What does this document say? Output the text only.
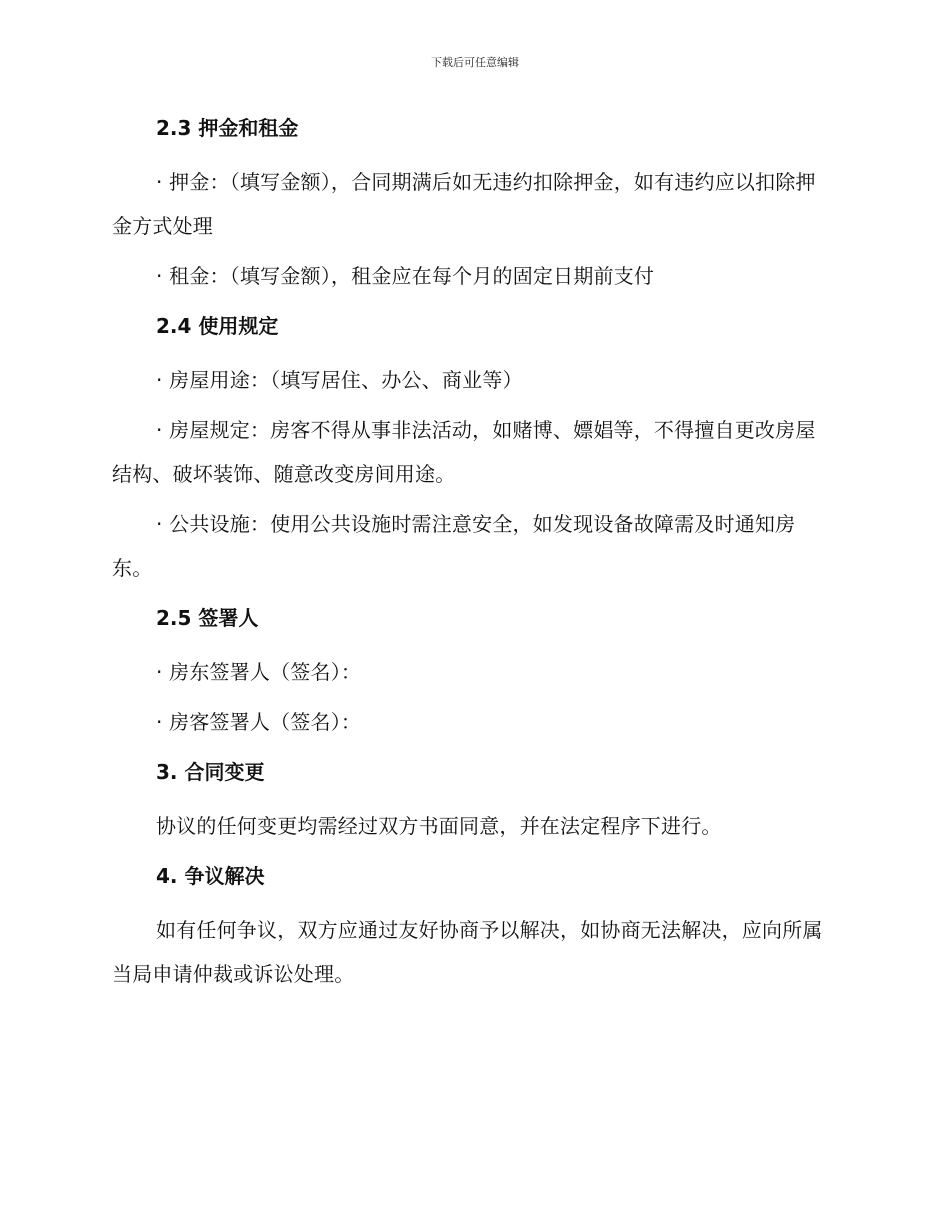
下载后可任意编辑
2.3 押金和租金
· 押金：（填写金额），合同期满后如无违约扣除押金，如有违约应以扣除押金方式处理
· 租金：（填写金额），租金应在每个月的固定日期前支付
2.4 使用规定
· 房屋用途：（填写居住、办公、商业等）
· 房屋规定：房客不得从事非法活动，如赌博、嫖娼等，不得擅自更改房屋结构、破坏装饰、随意改变房间用途。
· 公共设施：使用公共设施时需注意安全，如发现设备故障需及时通知房东。
2.5 签署人
· 房东签署人（签名）：
· 房客签署人（签名）：
3. 合同变更
协议的任何变更均需经过双方书面同意，并在法定程序下进行。
4. 争议解决
如有任何争议，双方应通过友好协商予以解决，如协商无法解决，应向所属当局申请仲裁或诉讼处理。
